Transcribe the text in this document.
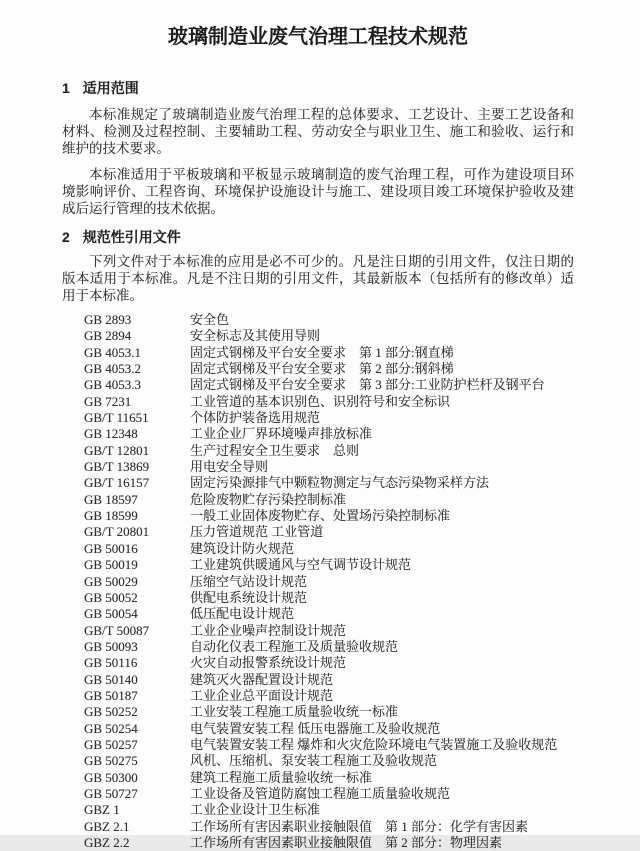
玻璃制造业废气治理工程技术规范
1 适用范围

本标准规定了玻璃制造业废气治理工程的总体要求、工艺设计、主要工艺设备和材料、检测及过程控制、主要辅助工程、劳动安全与职业卫生、施工和验收、运行和维护的技术要求。

本标准适用于平板玻璃和平板显示玻璃制造的废气治理工程，可作为建设项目环境影响评价、工程咨询、环境保护设施设计与施工、建设项目竣工环境保护验收及建成后运行管理的技术依据。

2 规范性引用文件

下列文件对于本标准的应用是必不可少的。凡是注日期的引用文件，仅注日期的版本适用于本标准。凡是不注日期的引用文件，其最新版本（包括所有的修改单）适用于本标准。

GB 2893	安全色
GB 2894	安全标志及其使用导则
GB 4053.1	固定式钢梯及平台安全要求　第 1 部分:钢直梯
GB 4053.2	固定式钢梯及平台安全要求　第 2 部分:钢斜梯
GB 4053.3	固定式钢梯及平台安全要求　第 3 部分:工业防护栏杆及钢平台
GB 7231	工业管道的基本识别色、识别符号和安全标识
GB/T 11651	个体防护装备选用规范
GB 12348	工业企业厂界环境噪声排放标准
GB/T 12801	生产过程安全卫生要求　总则
GB/T 13869	用电安全导则
GB/T 16157	固定污染源排气中颗粒物测定与气态污染物采样方法
GB 18597	危险废物贮存污染控制标准
GB 18599	一般工业固体废物贮存、处置场污染控制标准
GB/T 20801	压力管道规范 工业管道
GB 50016	建筑设计防火规范
GB 50019	工业建筑供暖通风与空气调节设计规范
GB 50029	压缩空气站设计规范
GB 50052	供配电系统设计规范
GB 50054	低压配电设计规范
GB/T 50087	工业企业噪声控制设计规范
GB 50093	自动化仪表工程施工及质量验收规范
GB 50116	火灾自动报警系统设计规范
GB 50140	建筑灭火器配置设计规范
GB 50187	工业企业总平面设计规范
GB 50252	工业安装工程施工质量验收统一标准
GB 50254	电气装置安装工程 低压电器施工及验收规范
GB 50257	电气装置安装工程 爆炸和火灾危险环境电气装置施工及验收规范
GB 50275	风机、压缩机、泵安装工程施工及验收规范
GB 50300	建筑工程施工质量验收统一标准
GB 50727	工业设备及管道防腐蚀工程施工质量验收规范
GBZ 1	工业企业设计卫生标准
GBZ 2.1	工作场所有害因素职业接触限值　第 1 部分：化学有害因素
GBZ 2.2	工作场所有害因素职业接触限值　第 2 部分：物理因素
